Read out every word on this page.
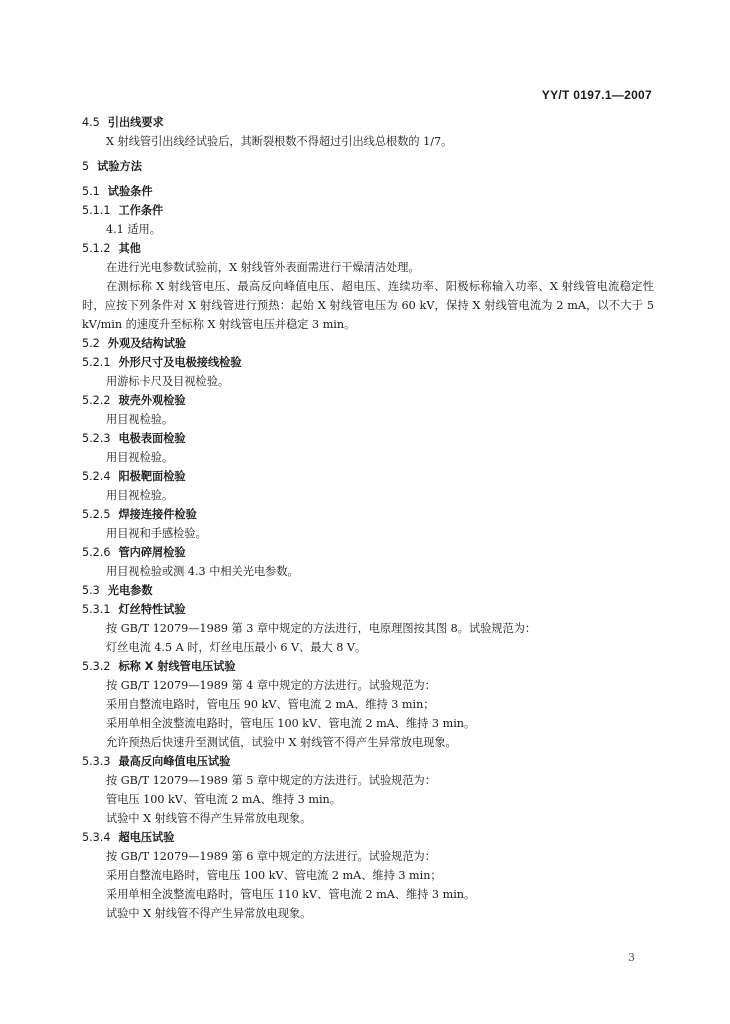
YY/T 0197.1—2007
4.5 引出线要求
X 射线管引出线经试验后，其断裂根数不得超过引出线总根数的 1/7。
5 试验方法
5.1 试验条件
5.1.1 工作条件
4.1 适用。
5.1.2 其他
在进行光电参数试验前，X 射线管外表面需进行干燥清洁处理。
在测标称 X 射线管电压、最高反向峰值电压、超电压、连续功率、阳极标称输入功率、X 射线管电流稳定性时，应按下列条件对 X 射线管进行预热：起始 X 射线管电压为 60 kV，保持 X 射线管电流为 2 mA，以不大于 5 kV/min 的速度升至标称 X 射线管电压并稳定 3 min。
5.2 外观及结构试验
5.2.1 外形尺寸及电极接线检验
用游标卡尺及目视检验。
5.2.2 玻壳外观检验
用目视检验。
5.2.3 电极表面检验
用目视检验。
5.2.4 阳极靶面检验
用目视检验。
5.2.5 焊接连接件检验
用目视和手感检验。
5.2.6 管内碎屑检验
用目视检验或测 4.3 中相关光电参数。
5.3 光电参数
5.3.1 灯丝特性试验
按 GB/T 12079—1989 第 3 章中规定的方法进行，电原理图按其图 8。试验规范为：
灯丝电流 4.5 A 时，灯丝电压最小 6 V、最大 8 V。
5.3.2 标称 X 射线管电压试验
按 GB/T 12079—1989 第 4 章中规定的方法进行。试验规范为：
采用自整流电路时，管电压 90 kV、管电流 2 mA、维持 3 min；
采用单相全波整流电路时，管电压 100 kV、管电流 2 mA、维持 3 min。
允许预热后快速升至测试值，试验中 X 射线管不得产生异常放电现象。
5.3.3 最高反向峰值电压试验
按 GB/T 12079—1989 第 5 章中规定的方法进行。试验规范为：
管电压 100 kV、管电流 2 mA、维持 3 min。
试验中 X 射线管不得产生异常放电现象。
5.3.4 超电压试验
按 GB/T 12079—1989 第 6 章中规定的方法进行。试验规范为：
采用自整流电路时，管电压 100 kV、管电流 2 mA、维持 3 min；
采用单相全波整流电路时，管电压 110 kV、管电流 2 mA、维持 3 min。
试验中 X 射线管不得产生异常放电现象。
3
